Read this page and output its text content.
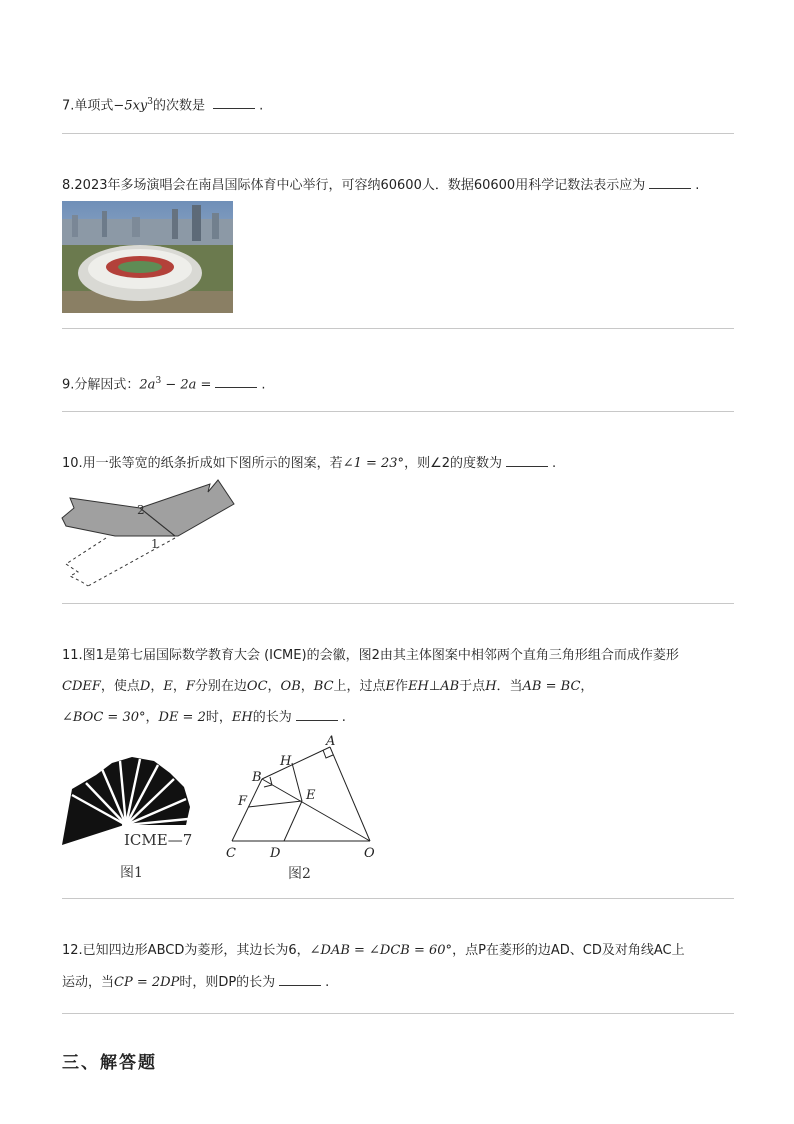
7.单项式$-5xy^3$的次数是	.
8.2023年多场演唱会在南昌国际体育中心举行，可容纳60600人．数据60600用科学记数法表示应为	.
9.分解因式：$2a^3 - 2a$ =	.
10.用一张等宽的纸条折成如下图所示的图案，若∠1 = 23°，则∠2的度数为	.
2
1
11.图1是第七届国际数学教育大会 (ICME)的会徽，图2由其主体图案中相邻两个直角三角形组合而成作菱形
CDEF，使点D，E，F分别在边OC，OB，BC上，过点E作EH⊥AB于点H．当AB = BC，
∠BOC = 30°，DE = 2时，EH的长为	.
ICME—7
图1
A
H
B
F	E
C	D	O
图2
12.已知四边形ABCD为菱形，其边长为6，∠DAB = ∠DCB = 60°，点P在菱形的边AD、CD及对角线AC上
运动，当CP = 2DP时，则DP的长为	.
三、解答题
